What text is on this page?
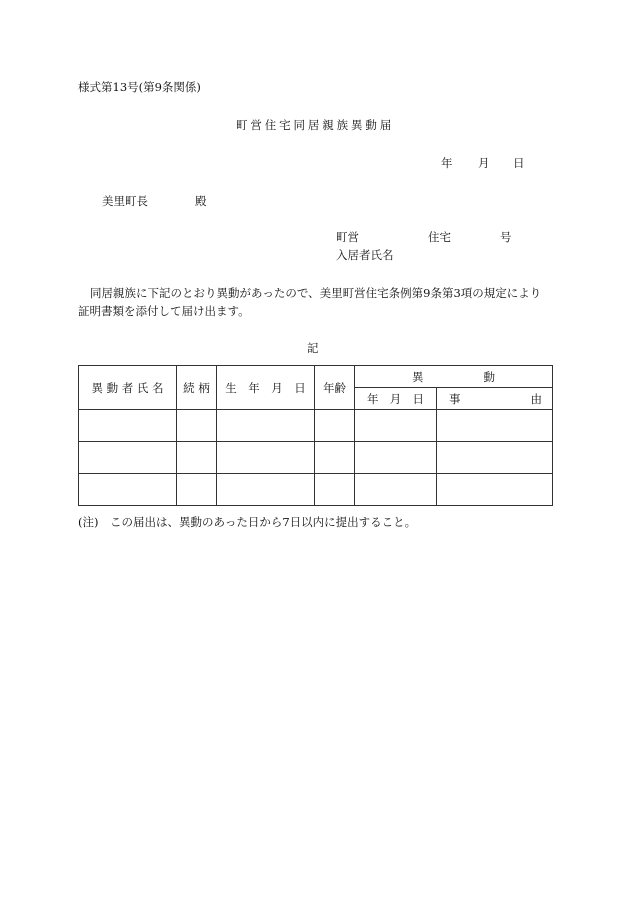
様式第13号(第9条関係)
町営住宅同居親族異動届
年 月 日
美里町長	殿
町営	住宅	号
入居者氏名
同居親族に下記のとおり異動があったので、美里町営住宅条例第9条第3項の規定により
証明書類を添付して届け出ます。
記
異 動 者 氏 名	続 柄	生　年　月　日	年齢	異 動	

				年 月 日	事 由

(注)　この届出は、異動のあった日から7日以内に提出すること。
